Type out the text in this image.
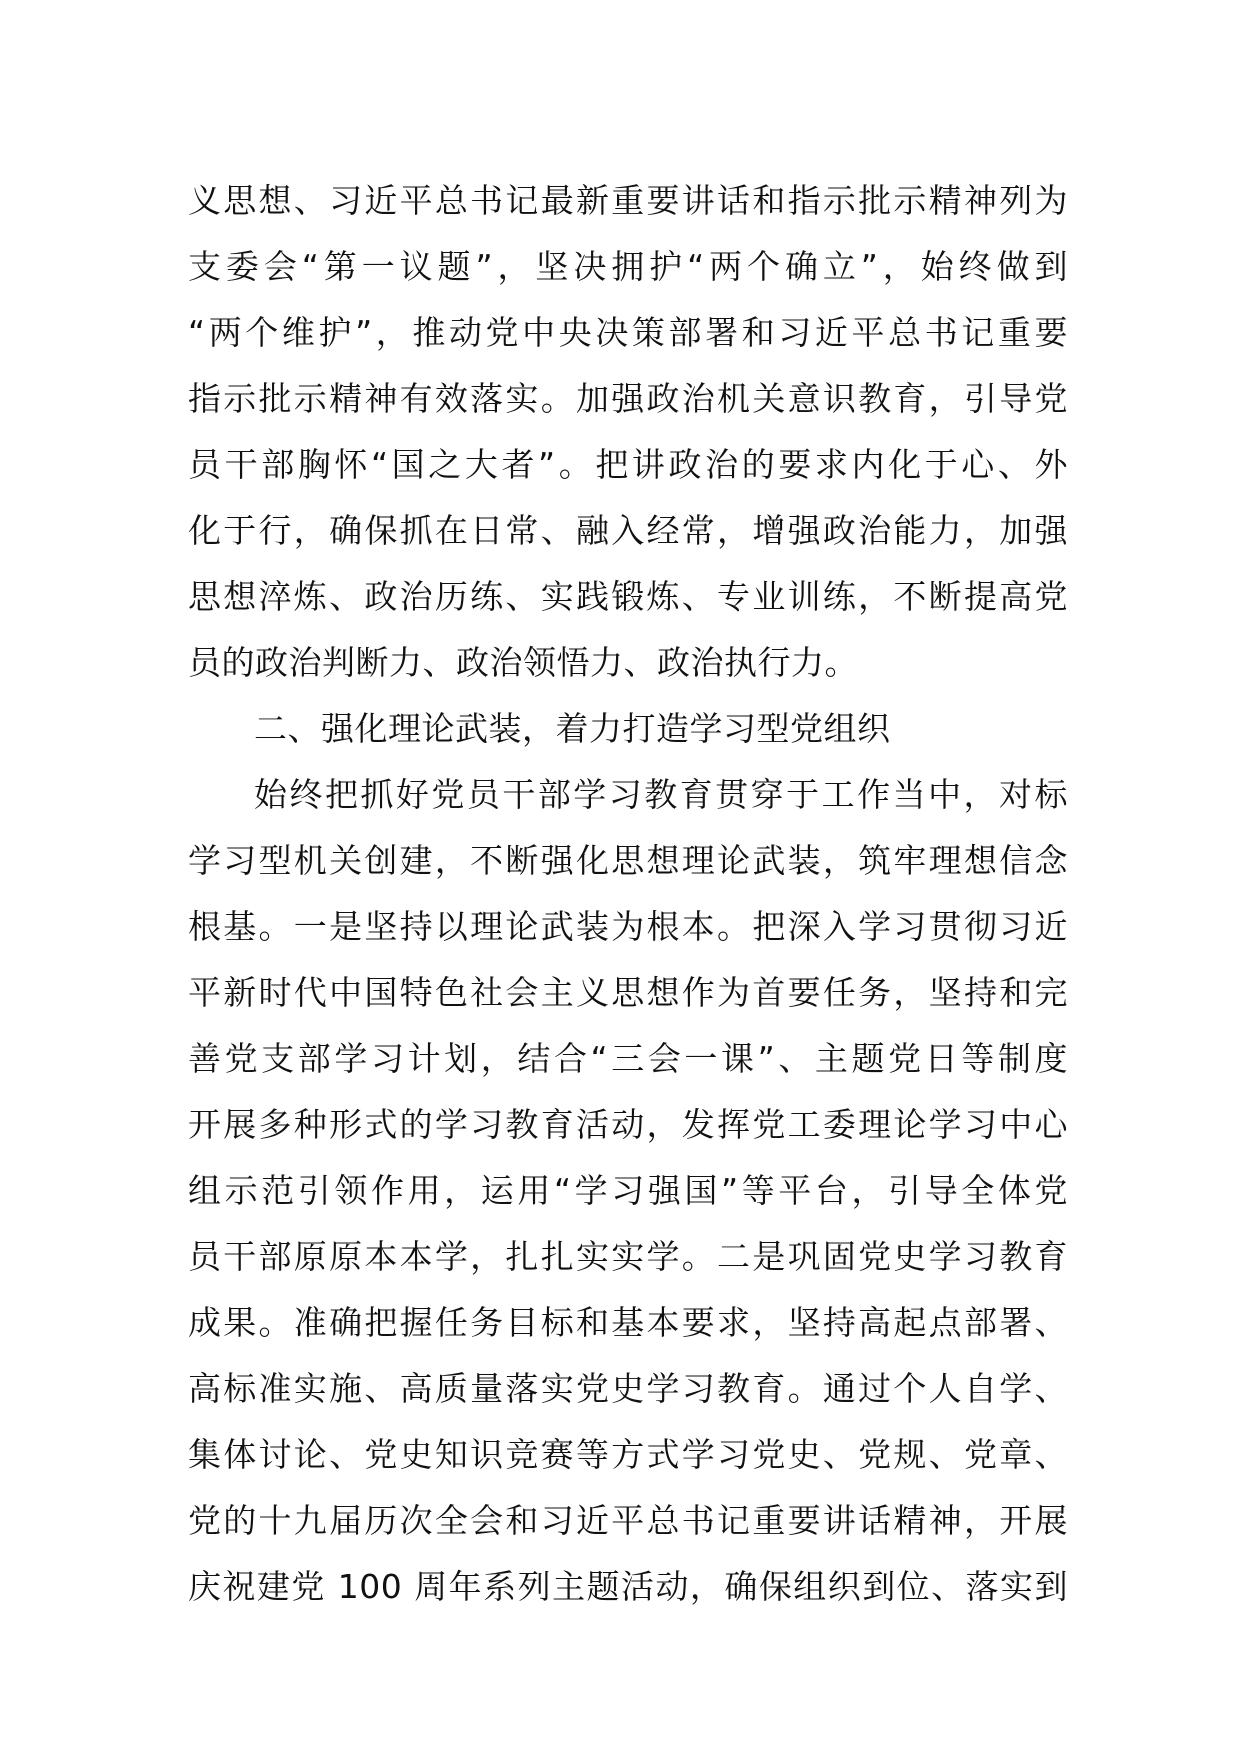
义思想、习近平总书记最新重要讲话和指示批示精神列为
支委会“第一议题”，坚决拥护“两个确立”，始终做到
“两个维护”，推动党中央决策部署和习近平总书记重要
指示批示精神有效落实。加强政治机关意识教育，引导党
员干部胸怀“国之大者”。把讲政治的要求内化于心、外
化于行，确保抓在日常、融入经常，增强政治能力，加强
思想淬炼、政治历练、实践锻炼、专业训练，不断提高党
员的政治判断力、政治领悟力、政治执行力。
二、强化理论武装，着力打造学习型党组织
始终把抓好党员干部学习教育贯穿于工作当中，对标
学习型机关创建，不断强化思想理论武装，筑牢理想信念
根基。一是坚持以理论武装为根本。把深入学习贯彻习近
平新时代中国特色社会主义思想作为首要任务，坚持和完
善党支部学习计划，结合“三会一课”、主题党日等制度
开展多种形式的学习教育活动，发挥党工委理论学习中心
组示范引领作用，运用“学习强国”等平台，引导全体党
员干部原原本本学，扎扎实实学。二是巩固党史学习教育
成果。准确把握任务目标和基本要求，坚持高起点部署、
高标准实施、高质量落实党史学习教育。通过个人自学、
集体讨论、党史知识竞赛等方式学习党史、党规、党章、
党的十九届历次全会和习近平总书记重要讲话精神，开展
庆祝建党 100 周年系列主题活动，确保组织到位、落实到
